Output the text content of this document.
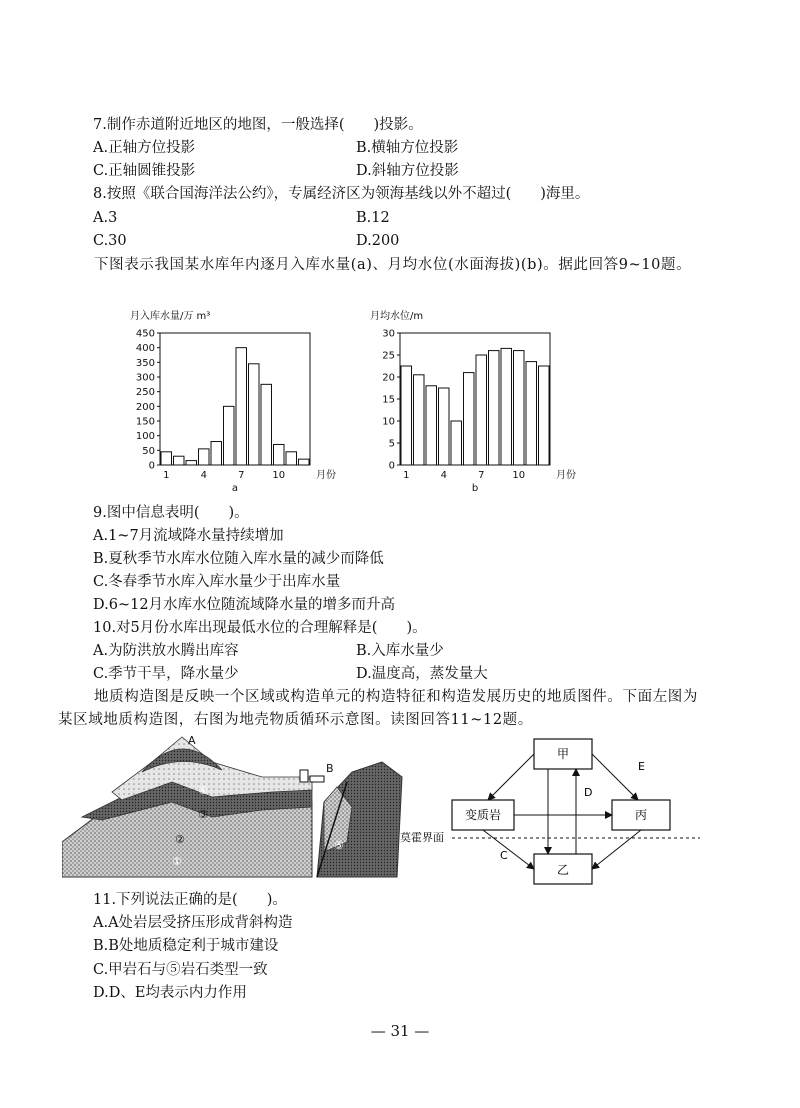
7.制作赤道附近地区的地图，一般选择(　　)投影。
A.正轴方位投影	B.横轴方位投影
C.正轴圆锥投影	D.斜轴方位投影
8.按照《联合国海洋法公约》，专属经济区为领海基线以外不超过(　　)海里。
A.3	B.12
C.30	D.200
下图表示我国某水库年内逐月入库水量(a)、月均水位(水面海拔)(b)。据此回答9~10题。
月入库水量/万 m³
0
50
100
150
200
250
300
350
400
450
1	4	7	10	月份
a
月均水位/m
0
5
10
15
20
25
30
1	4	7	10	月份
b
9.图中信息表明(　　)。
A.1~7月流域降水量持续增加
B.夏秋季节水库水位随入库水量的减少而降低
C.冬春季节水库入库水量少于出库水量
D.6~12月水库水位随流域降水量的增多而升高
10.对5月份水库出现最低水位的合理解释是(　　)。
A.为防洪放水腾出库容	B.入库水量少
C.季节干旱，降水量少	D.温度高，蒸发量大
地质构造图是反映一个区域或构造单元的构造特征和构造发展历史的地质图件。下面左图为某区域地质构造图，右图为地壳物质循环示意图。读图回答11~12题。
A
B
①
②
③
④
⑤
甲
变质岩	丙
乙
莫霍界面
D
E
C
11.下列说法正确的是(　　)。
A.A处岩层受挤压形成背斜构造
B.B处地质稳定利于城市建设
C.甲岩石与⑤岩石类型一致
D.D、E均表示内力作用
— 31 —
